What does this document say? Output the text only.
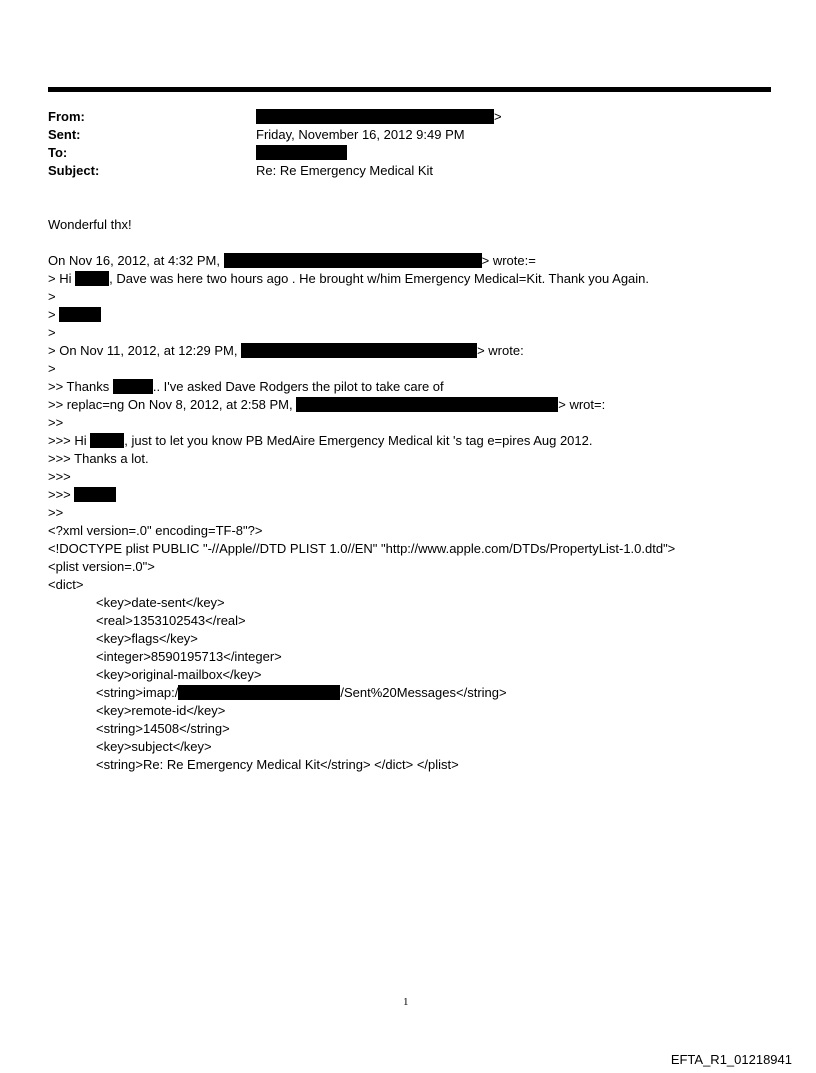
From:	>
Sent:	Friday, November 16, 2012 9:49 PM
To:
Subject:	Re: Re Emergency Medical Kit
Wonderful thx!
On Nov 16, 2012, at 4:32 PM,	> wrote:=
> Hi	, Dave was here two hours ago . He brought w/him Emergency Medical=Kit. Thank you Again.
>
>
>
> On Nov 11, 2012, at 12:29 PM,	> wrote:
>
>> Thanks	.. I've asked Dave Rodgers the pilot to take care of
>> replac=ng On Nov 8, 2012, at 2:58 PM,	> wrot=:
>>
>>> Hi	, just to let you know PB MedAire Emergency Medical kit 's tag e=pires Aug 2012.
>>> Thanks a lot.
>>>
>>>
>>
<?xml version=.0" encoding=TF-8"?>
<!DOCTYPE plist PUBLIC "-//Apple//DTD PLIST 1.0//EN" "http://www.apple.com/DTDs/PropertyList-1.0.dtd">
<plist version=.0">
<dict>
<key>date-sent</key>
<real>1353102543</real>
<key>flags</key>
<integer>8590195713</integer>
<key>original-mailbox</key>
<string>imap:/	/Sent%20Messages</string>
<key>remote-id</key>
<string>14508</string>
<key>subject</key>
<string>Re: Re Emergency Medical Kit</string> </dict> </plist>
1
EFTA_R1_01218941
